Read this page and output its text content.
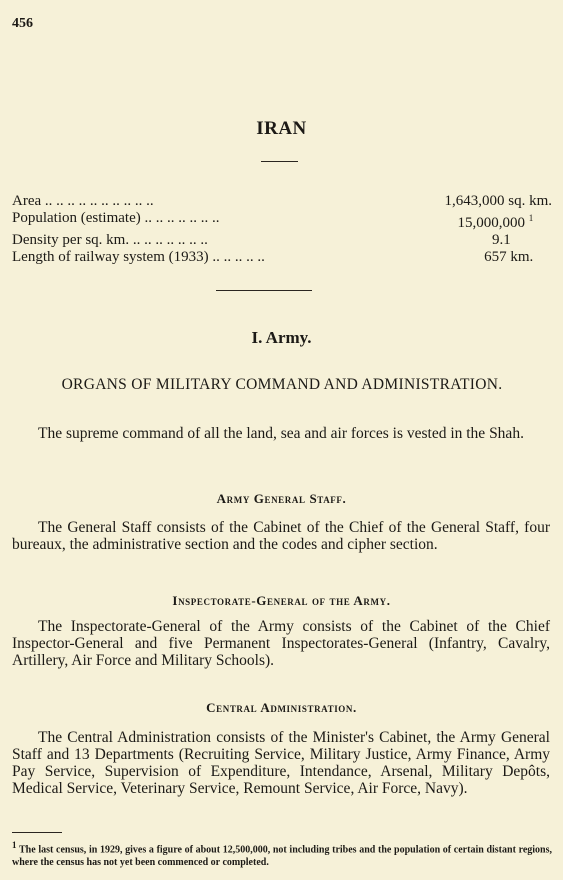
456
IRAN
Area .. .. .. .. .. .. .. .. .. ..	1,643,000 sq. km.
Population (estimate) .. .. .. .. .. .. ..	15,000,000 $^1$
Density per sq. km. .. .. .. .. .. .. ..	9.1
Length of railway system (1933) .. .. .. .. ..	657 km.
I. Army.
ORGANS OF MILITARY COMMAND AND ADMINISTRATION.
The supreme command of all the land, sea and air forces is vested in the Shah.
Army General Staff.
The General Staff consists of the Cabinet of the Chief of the General Staff, four bureaux, the administrative section and the codes and cipher section.
Inspectorate-General of the Army.
The Inspectorate-General of the Army consists of the Cabinet of the Chief Inspector-General and five Permanent Inspectorates-General (Infantry, Cavalry, Artillery, Air Force and Military Schools).
Central Administration.
The Central Administration consists of the Minister's Cabinet, the Army General Staff and 13 Departments (Recruiting Service, Military Justice, Army Finance, Army Pay Service, Supervision of Expenditure, Intendance, Arsenal, Military Depôts, Medical Service, Veterinary Service, Remount Service, Air Force, Navy).
$^1$ The last census, in 1929, gives a figure of about 12,500,000, not including tribes and the population of certain distant regions, where the census has not yet been commenced or completed.
